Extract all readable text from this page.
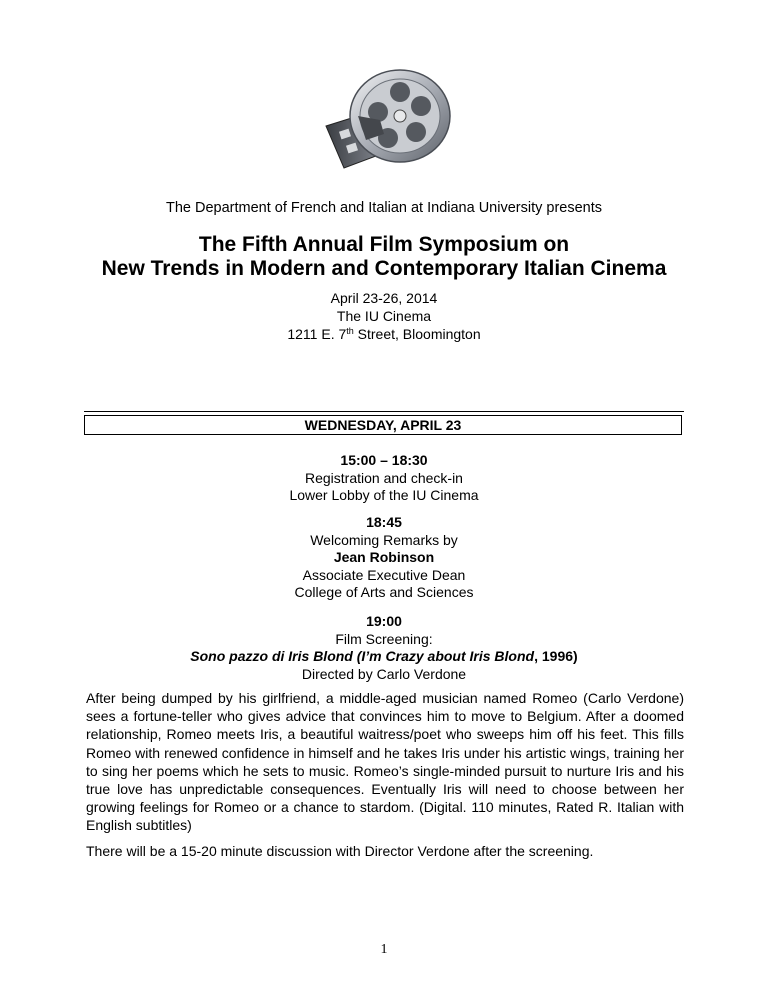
The Department of French and Italian at Indiana University presents
The Fifth Annual Film Symposium on
New Trends in Modern and Contemporary Italian Cinema
April 23-26, 2014
The IU Cinema
1211 E. 7th Street, Bloomington
WEDNESDAY, APRIL 23
15:00 – 18:30
Registration and check-in
Lower Lobby of the IU Cinema
18:45
Welcoming Remarks by
Jean Robinson
Associate Executive Dean
College of Arts and Sciences
19:00
Film Screening:
Sono pazzo di Iris Blond (I’m Crazy about Iris Blond, 1996)
Directed by Carlo Verdone
After being dumped by his girlfriend, a middle-aged musician named Romeo (Carlo Verdone) sees a fortune-teller who gives advice that convinces him to move to Belgium. After a doomed relationship, Romeo meets Iris, a beautiful waitress/poet who sweeps him off his feet. This fills Romeo with renewed confidence in himself and he takes Iris under his artistic wings, training her to sing her poems which he sets to music. Romeo’s single-minded pursuit to nurture Iris and his true love has unpredictable consequences. Eventually Iris will need to choose between her growing feelings for Romeo or a chance to stardom. (Digital. 110 minutes, Rated R. Italian with English subtitles)
There will be a 15-20 minute discussion with Director Verdone after the screening.
1
